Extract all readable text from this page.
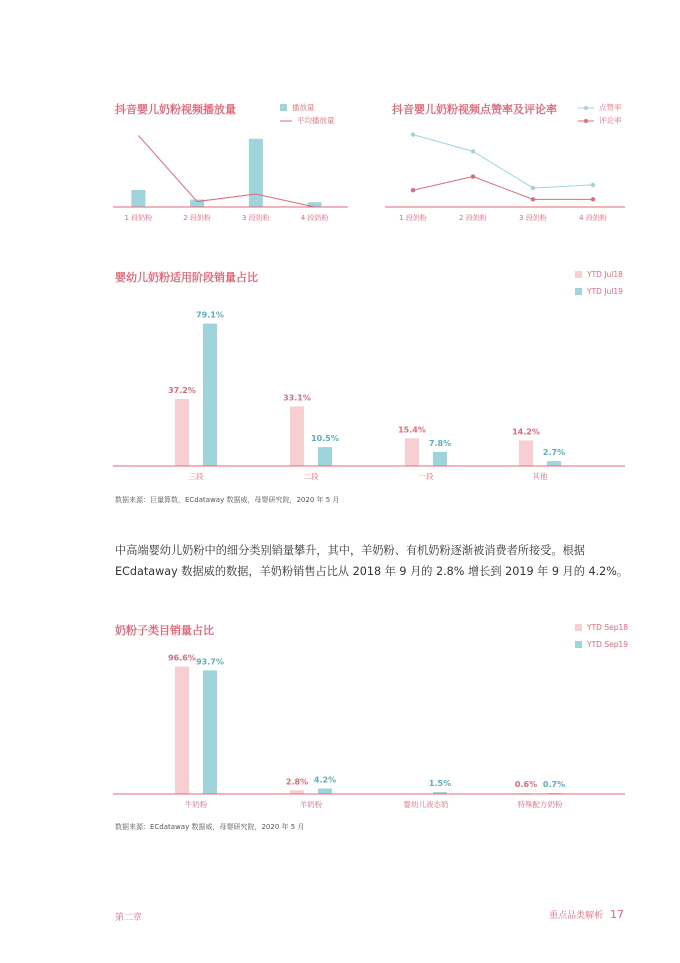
抖音婴儿奶粉视频播放量	播放量
平均播放量
1 段奶粉	2 段奶粉	3 段奶粉	4 段奶粉
抖音婴儿奶粉视频点赞率及评论率	点赞率
评论率
1 段奶粉	2 段奶粉	3 段奶粉	4 段奶粉
婴幼儿奶粉适用阶段销量占比	YTD Jul18
YTD Jul19
37.2%
79.1%
三段
33.1%
10.5%
二段
15.4%
7.8%
一段
14.2%
2.7%
其他
数据来源：巨量算数，ECdataway 数据威，母婴研究院，2020 年 5 月
中高端婴幼儿奶粉中的细分类别销量攀升，其中，羊奶粉、有机奶粉逐渐被消费者所接受。根据
ECdataway 数据威的数据，羊奶粉销售占比从 2018 年 9 月的 2.8% 增长到 2019 年 9 月的 4.2%。
奶粉子类目销量占比	YTD Sep18
YTD Sep19
96.6% 93.7%
牛奶粉
2.8% 4.2%
羊奶粉
1.5%
婴幼儿液态奶
0.6% 0.7%
特殊配方奶粉
数据来源：ECdataway 数据威，母婴研究院，2020 年 5 月
第二章	重点品类解析 17
